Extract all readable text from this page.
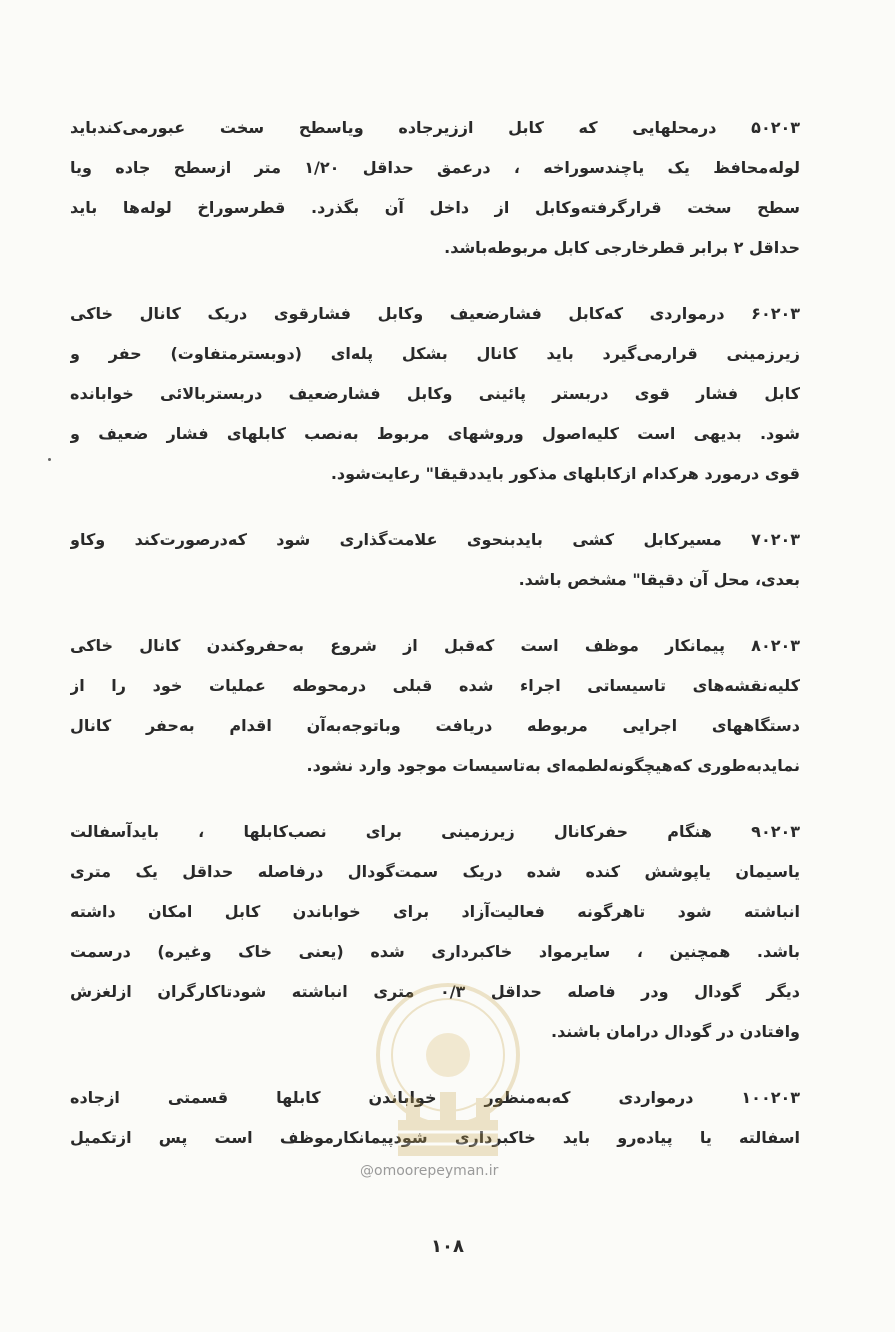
۵۰۲۰۳ درمحلهایی که کابل اززیرجاده ویاسطح سخت عبورمی‌کندباید
لوله‌محافظ یک یاچندسوراخه ، درعمق حداقل ۱/۲۰ متر ازسطح جاده ویا
سطح سخت قرارگرفته‌وکابل از داخل آن بگذرد. قطرسوراخ لوله‌ها باید
حداقل ۲ برابر قطرخارجی کابل مربوطه‌باشد.
۶۰۲۰۳ درمواردی که‌کابل فشارضعیف وکابل فشارقوی دریک کانال خاکی
زیرزمینی قرارمی‌گیرد باید کانال بشکل پله‌ای (دوبسترمتفاوت) حفر و
کابل فشار قوی دربستر پائینی وکابل فشارضعیف دربستربالائی خوابانده
شود. بدیهی است کلیه‌اصول وروشهای مربوط به‌نصب کابلهای فشار ضعیف و
قوی درمورد هرکدام ازکابلهای مذکور بایددقیقا" رعایت‌شود.
۷۰۲۰۳ مسیرکابل کشی بایدبنحوی علامت‌گذاری شود که‌درصورت‌کند وکاو
بعدی، محل آن دقیقا" مشخص باشد.
۸۰۲۰۳ پیمانکار موظف است که‌قبل از شروع به‌حفروکندن کانال خاکی
کلیه‌نقشه‌های تاسیساتی اجراء شده قبلی درمحوطه عملیات خود را از
دستگاههای اجرایی مربوطه دریافت وباتوجه‌به‌آن اقدام به‌حفر کانال
نمایدبه‌طوری که‌هیچگونه‌لطمه‌ای به‌تاسیسات موجود وارد نشود.
۹۰۲۰۳ هنگام حفرکانال زیرزمینی برای نصب‌کابلها ، بایدآسفالت
یاسیمان یاپوشش کنده شده دریک سمت‌گودال درفاصله حداقل یک متری
انباشته شود تاهرگونه فعالیت‌آزاد برای خواباندن کابل امکان داشته
باشد. همچنین ، سایرمواد خاکبرداری شده (یعنی خاک وغیره) درسمت
دیگر گودال ودر فاصله حداقل ۰/۳ متری انباشته شودتاکارگران ازلغزش
وافتادن در گودال درامان باشند.
۱۰۰۲۰۳ درمواردی که‌به‌منظور خواباندن کابلها قسمتی ازجاده
اسفالته یا پیاده‌رو باید خاکبرداری شودپیمانکارموظف است پس ازتکمیل
@omoorepeyman.ir
۱۰۸
